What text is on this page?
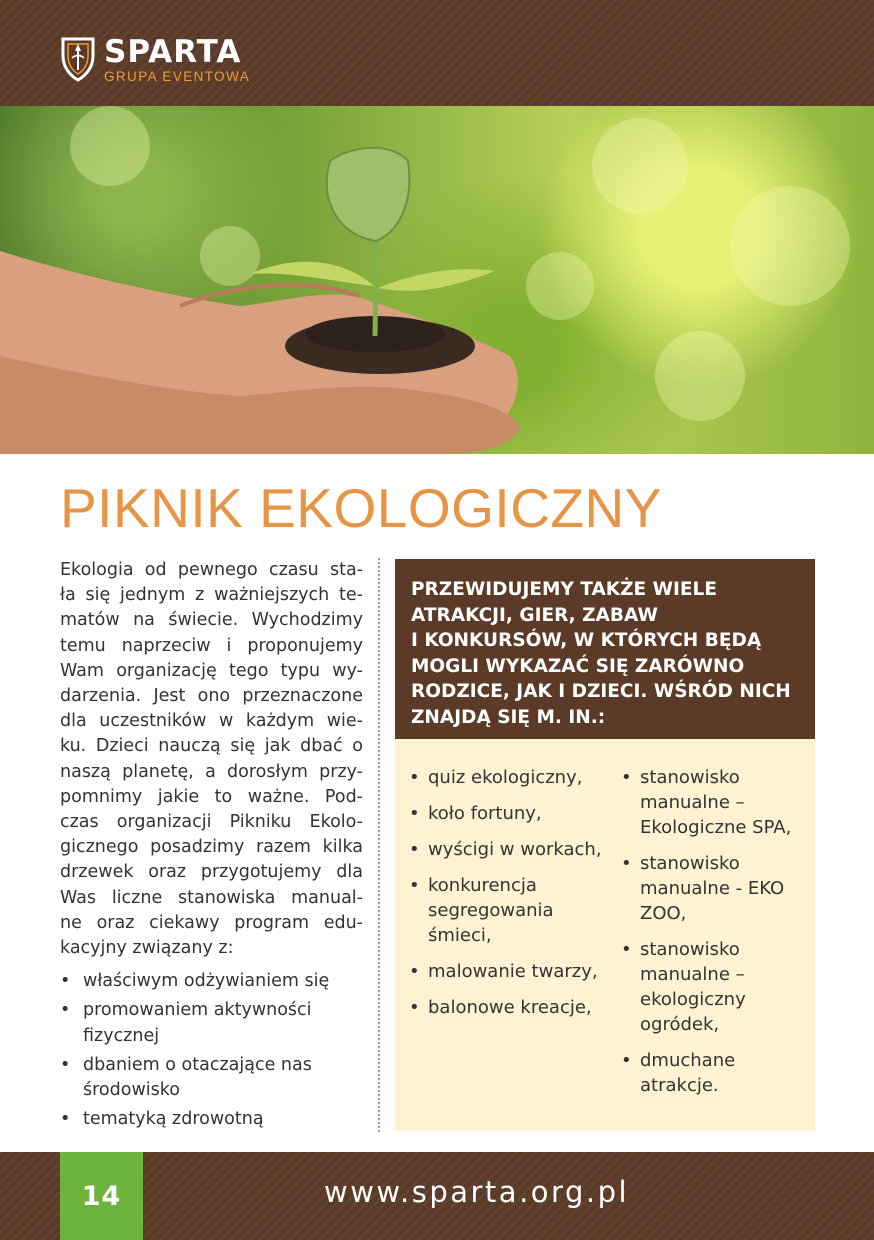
SPARTA
GRUPA EVENTOWA
PIKNIK EKOLOGICZNY

Ekologia od pewnego czasu sta-
ła się jednym z ważniejszych te-
matów na świecie. Wychodzimy
temu naprzeciw i proponujemy
Wam organizację tego typu wy-
darzenia. Jest ono przeznaczone
dla uczestników w każdym wie-
ku. Dzieci nauczą się jak dbać o
naszą planetę, a dorosłym przy-
pomnimy jakie to ważne. Pod-
czas organizacji Pikniku Ekolo-
gicznego posadzimy razem kilka
drzewek oraz przygotujemy dla
Was liczne stanowiska manual-
ne oraz ciekawy program edu-
kacyjny związany z:

• właściwym odżywianiem się
• promowaniem aktywności fizycznej
• dbaniem o otaczające nas środowisko
• tematyką zdrowotną

PRZEWIDUJEMY TAKŻE WIELE
ATRAKCJI, GIER, ZABAW
I KONKURSÓW, W KTÓRYCH BĘDĄ
MOGLI WYKAZAĆ SIĘ ZARÓWNO
RODZICE, JAK I DZIECI. WŚRÓD NICH
ZNAJDĄ SIĘ M. IN.:

• quiz ekologiczny,
• koło fortuny,
• wyścigi w workach,
• konkurencja segregowania śmieci,
• malowanie twarzy,
• balonowe kreacje,
• stanowisko manualne – Ekologiczne SPA,
• stanowisko manualne - EKO ZOO,
• stanowisko manualne – ekologiczny ogródek,
• dmuchane atrakcje.
14	www.sparta.org.pl
